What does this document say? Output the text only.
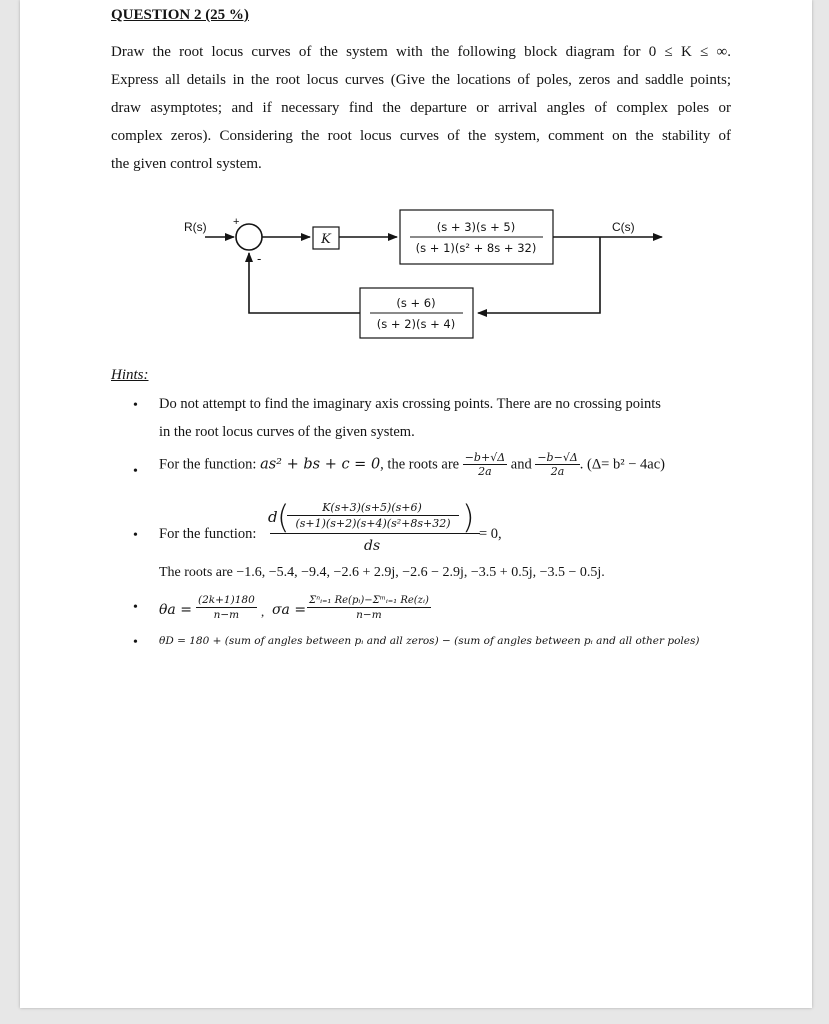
QUESTION 2 (25 %)

Draw the root locus curves of the system with the following block diagram for 0 ≤ K ≤ ∞.

Express all details in the root locus curves (Give the locations of poles, zeros and saddle points;

draw asymptotes; and if necessary find the departure or arrival angles of complex poles or

complex zeros). Considering the root locus curves of the system, comment on the stability of

the given control system.

K
(s + 3)(s + 5)
(s + 1)(s² + 8s + 32)
(s + 6)
(s + 2)(s + 4)
R(s) +
-
C(s)
Hints:
• Do not attempt to find the imaginary axis crossing points. There are no crossing points
in the root locus curves of the given system.
• For the function: as² + bs + c = 0, the roots are $\frac{-b+√\Delta}{2a}$ and $\frac{-b-√\Delta}{2a}$ . (Δ= b² − 4ac)
• For the function:
d (	K(s+3)(s+5)(s+6)
(s+1)(s+2)(s+4)(s²+8s+32) )
ds
= 0,
The roots are −1.6, −5.4, −9.4, −2.6 + 2.9j, −2.6 − 2.9j, −3.5 + 0.5j, −3.5 − 0.5j.
• $\theta a = \frac{(2k+1)180}{n-m}$ , $\sigma a = \frac{\text{Σⁿᵢ₌₁ Re(pᵢ)−Σᵐᵢ₌₁ Re(zᵢ)}}{n-m}$
• θD = 180 + (sum of angles between pᵢ and all zeros) − (sum of angles between pᵢ and all other poles)
